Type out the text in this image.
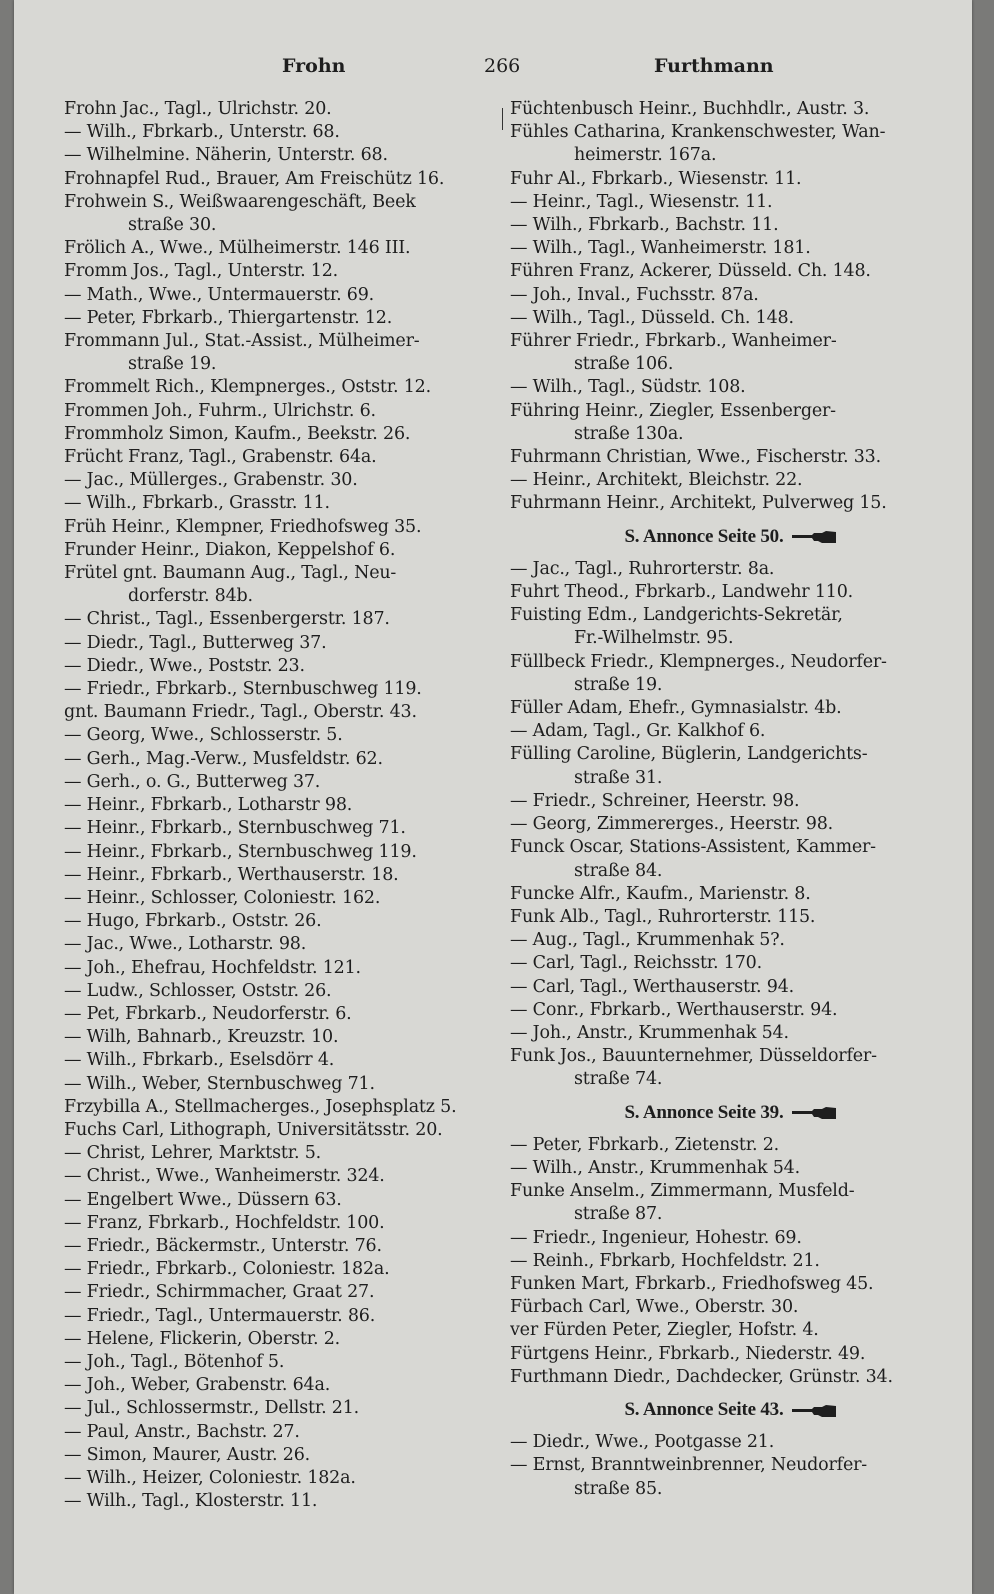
Frohn	266	Furthmann
Frohn Jac., Tagl., Ulrichstr. 20.
— Wilh., Fbrkarb., Unterstr. 68.
— Wilhelmine. Näherin, Unterstr. 68.
Frohnapfel Rud., Brauer, Am Freischütz 16.
Frohwein S., Weißwaarengeschäft, Beek
straße 30.
Frölich A., Wwe., Mülheimerstr. 146 III.
Fromm Jos., Tagl., Unterstr. 12.
— Math., Wwe., Untermauerstr. 69.
— Peter, Fbrkarb., Thiergartenstr. 12.
Frommann Jul., Stat.-Assist., Mülheimer-
straße 19.
Frommelt Rich., Klempnerges., Oststr. 12.
Frommen Joh., Fuhrm., Ulrichstr. 6.
Frommholz Simon, Kaufm., Beekstr. 26.
Frücht Franz, Tagl., Grabenstr. 64a.
— Jac., Müllerges., Grabenstr. 30.
— Wilh., Fbrkarb., Grasstr. 11.
Früh Heinr., Klempner, Friedhofsweg 35.
Frunder Heinr., Diakon, Keppelshof 6.
Frütel gnt. Baumann Aug., Tagl., Neu-
dorferstr. 84b.
— Christ., Tagl., Essenbergerstr. 187.
— Diedr., Tagl., Butterweg 37.
— Diedr., Wwe., Poststr. 23.
— Friedr., Fbrkarb., Sternbuschweg 119.
gnt. Baumann Friedr., Tagl., Oberstr. 43.
— Georg, Wwe., Schlosserstr. 5.
— Gerh., Mag.-Verw., Musfeldstr. 62.
— Gerh., o. G., Butterweg 37.
— Heinr., Fbrkarb., Lotharstr 98.
— Heinr., Fbrkarb., Sternbuschweg 71.
— Heinr., Fbrkarb., Sternbuschweg 119.
— Heinr., Fbrkarb., Werthauserstr. 18.
— Heinr., Schlosser, Coloniestr. 162.
— Hugo, Fbrkarb., Oststr. 26.
— Jac., Wwe., Lotharstr. 98.
— Joh., Ehefrau, Hochfeldstr. 121.
— Ludw., Schlosser, Oststr. 26.
— Pet, Fbrkarb., Neudorferstr. 6.
— Wilh, Bahnarb., Kreuzstr. 10.
— Wilh., Fbrkarb., Eselsdörr 4.
— Wilh., Weber, Sternbuschweg 71.
Frzybilla A., Stellmacherges., Josephsplatz 5.
Fuchs Carl, Lithograph, Universitätsstr. 20.
— Christ, Lehrer, Marktstr. 5.
— Christ., Wwe., Wanheimerstr. 324.
— Engelbert Wwe., Düssern 63.
— Franz, Fbrkarb., Hochfeldstr. 100.
— Friedr., Bäckermstr., Unterstr. 76.
— Friedr., Fbrkarb., Coloniestr. 182a.
— Friedr., Schirmmacher, Graat 27.
— Friedr., Tagl., Untermauerstr. 86.
— Helene, Flickerin, Oberstr. 2.
— Joh., Tagl., Bötenhof 5.
— Joh., Weber, Grabenstr. 64a.
— Jul., Schlossermstr., Dellstr. 21.
— Paul, Anstr., Bachstr. 27.
— Simon, Maurer, Austr. 26.
— Wilh., Heizer, Coloniestr. 182a.
— Wilh., Tagl., Klosterstr. 11.
Füchtenbusch Heinr., Buchhdlr., Austr. 3.
Fühles Catharina, Krankenschwester, Wan-
heimerstr. 167a.
Fuhr Al., Fbrkarb., Wiesenstr. 11.
— Heinr., Tagl., Wiesenstr. 11.
— Wilh., Fbrkarb., Bachstr. 11.
— Wilh., Tagl., Wanheimerstr. 181.
Führen Franz, Ackerer, Düsseld. Ch. 148.
— Joh., Inval., Fuchsstr. 87a.
— Wilh., Tagl., Düsseld. Ch. 148.
Führer Friedr., Fbrkarb., Wanheimer-
straße 106.
— Wilh., Tagl., Südstr. 108.
Führing Heinr., Ziegler, Essenberger-
straße 130a.
Fuhrmann Christian, Wwe., Fischerstr. 33.
— Heinr., Architekt, Bleichstr. 22.
Fuhrmann Heinr., Architekt, Pulverweg 15.
S. Annonce Seite 50.
— Jac., Tagl., Ruhrorterstr. 8a.
Fuhrt Theod., Fbrkarb., Landwehr 110.
Fuisting Edm., Landgerichts-Sekretär,
Fr.-Wilhelmstr. 95.
Füllbeck Friedr., Klempnerges., Neudorfer-
straße 19.
Füller Adam, Ehefr., Gymnasialstr. 4b.
— Adam, Tagl., Gr. Kalkhof 6.
Fülling Caroline, Büglerin, Landgerichts-
straße 31.
— Friedr., Schreiner, Heerstr. 98.
— Georg, Zimmererges., Heerstr. 98.
Funck Oscar, Stations-Assistent, Kammer-
straße 84.
Funcke Alfr., Kaufm., Marienstr. 8.
Funk Alb., Tagl., Ruhrorterstr. 115.
— Aug., Tagl., Krummenhak 5?.
— Carl, Tagl., Reichsstr. 170.
— Carl, Tagl., Werthauserstr. 94.
— Conr., Fbrkarb., Werthauserstr. 94.
— Joh., Anstr., Krummenhak 54.
Funk Jos., Bauunternehmer, Düsseldorfer-
straße 74.
S. Annonce Seite 39.
— Peter, Fbrkarb., Zietenstr. 2.
— Wilh., Anstr., Krummenhak 54.
Funke Anselm., Zimmermann, Musfeld-
straße 87.
— Friedr., Ingenieur, Hohestr. 69.
— Reinh., Fbrkarb, Hochfeldstr. 21.
Funken Mart, Fbrkarb., Friedhofsweg 45.
Fürbach Carl, Wwe., Oberstr. 30.
ver Fürden Peter, Ziegler, Hofstr. 4.
Fürtgens Heinr., Fbrkarb., Niederstr. 49.
Furthmann Diedr., Dachdecker, Grünstr. 34.
S. Annonce Seite 43.
— Diedr., Wwe., Pootgasse 21.
— Ernst, Branntweinbrenner, Neudorfer-
straße 85.
